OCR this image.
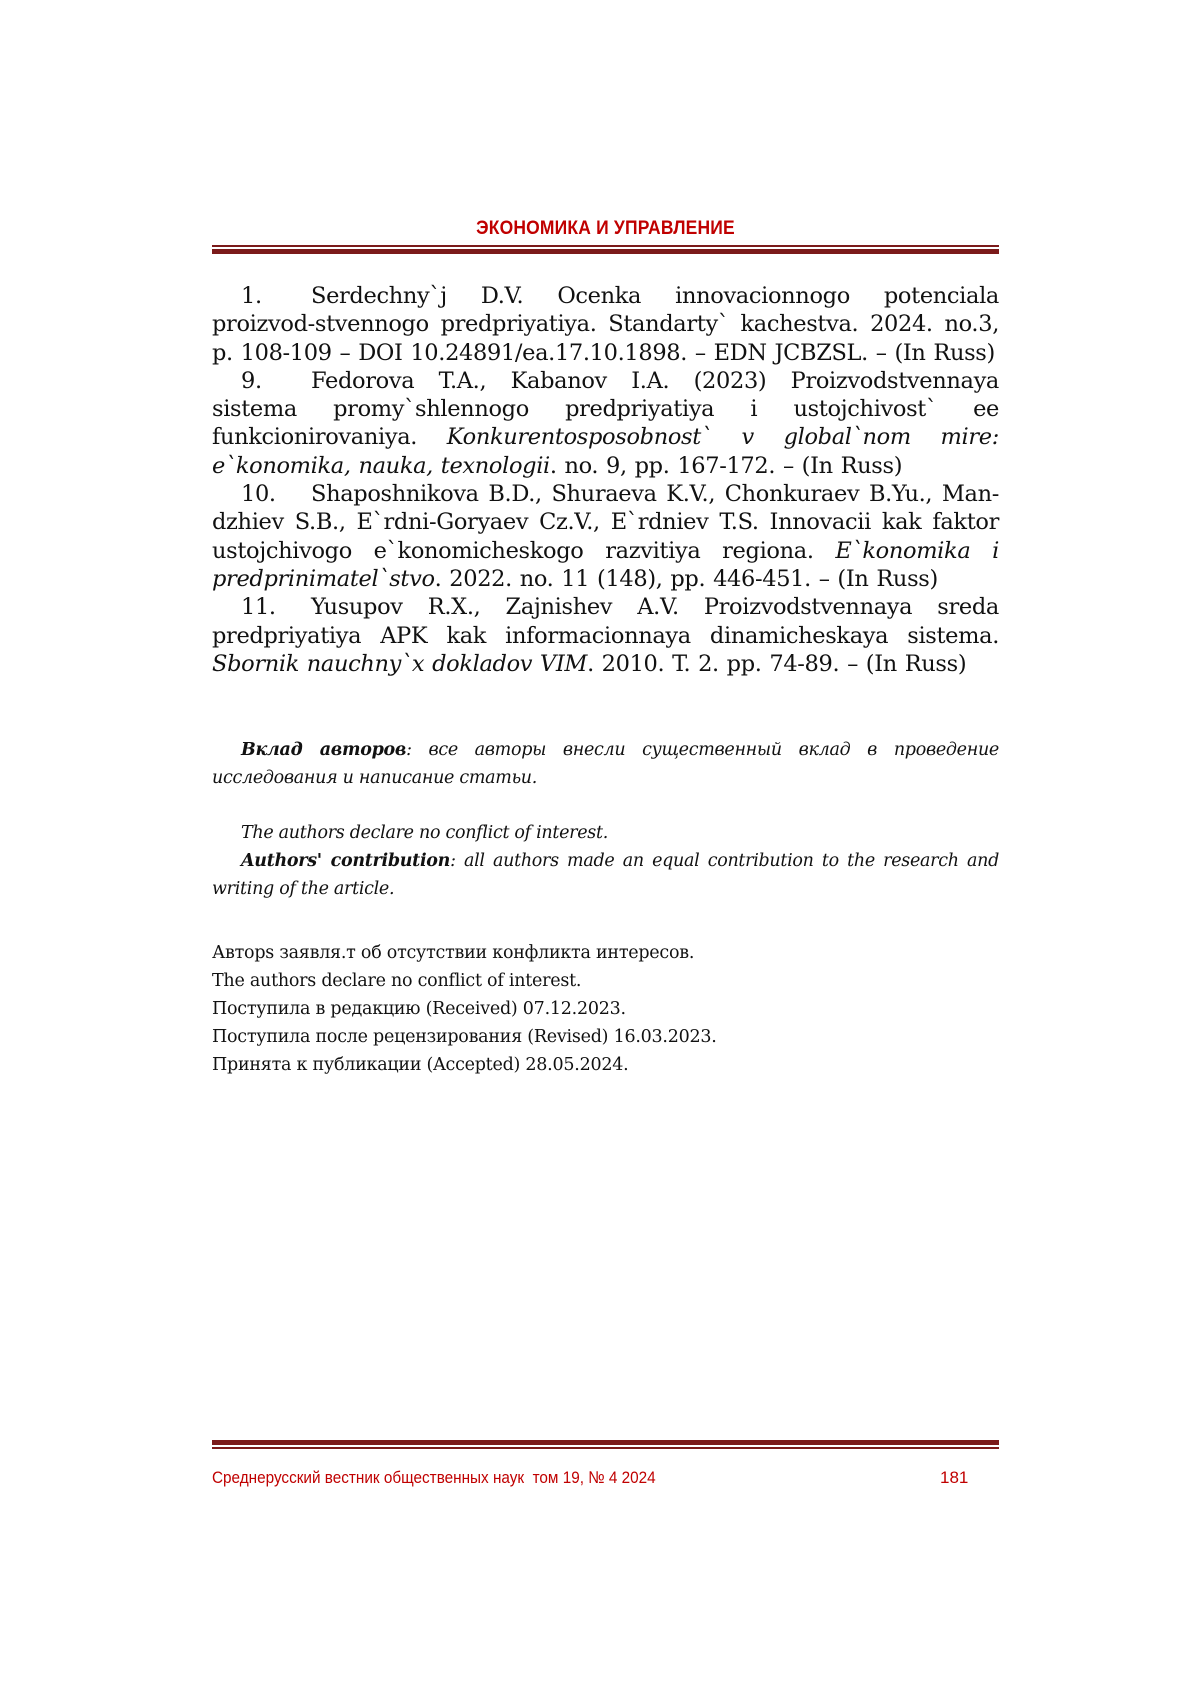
ЭКОНОМИКА И УПРАВЛЕНИЕ

1. Serdechny`j D.V. Ocenka innovacionnogo potenciala proizvod-stvennogo predpriyatiya. Standarty` kachestva. 2024. no.3, p. 108-109 – DOI 10.24891/ea.17.10.1898. – EDN JCBZSL. – (In Russ)

9. Fedorova T.A., Kabanov I.A. (2023) Proizvodstvennaya sistema promy`shlennogo predpriyatiya i ustojchivost` ee funkcionirovaniya. Konkurentosposobnost` v global`nom mire: e`konomika, nauka, texnologii. no. 9, pp. 167-172. – (In Russ)

10. Shaposhnikova B.D., Shuraeva K.V., Chonkuraev B.Yu., Man-dzhiev S.B., E`rdni-Goryaev Cz.V., E`rdniev T.S. Innovacii kak faktor ustojchivogo e`konomicheskogo razvitiya regiona. E`konomika i predprinimatel`stvo. 2022. no. 11 (148), pp. 446-451. – (In Russ)

11. Yusupov R.X., Zajnishev A.V. Proizvodstvennaya sreda predpriyatiya APK kak informacionnaya dinamicheskaya sistema. Sbornik nauchny`x dokladov VIM. 2010. T. 2. pp. 74-89. – (In Russ)

Вклад авторов: все авторы внесли существенный вклад в проведение исследования и написание статьи.

The authors declare no conflict of interest.

Authors' contribution: all authors made an equal contribution to the research and writing of the article.

Авторs заявля.т об отсутствии конфликта интересов.

The authors declare no conflict of interest.

Поступила в редакцию (Received) 07.12.2023.

Поступила после рецензирования (Revised) 16.03.2023.

Принята к публикации (Accepted) 28.05.2024.

Среднерусский вестник общественных наук  том 19, № 4 2024	181
